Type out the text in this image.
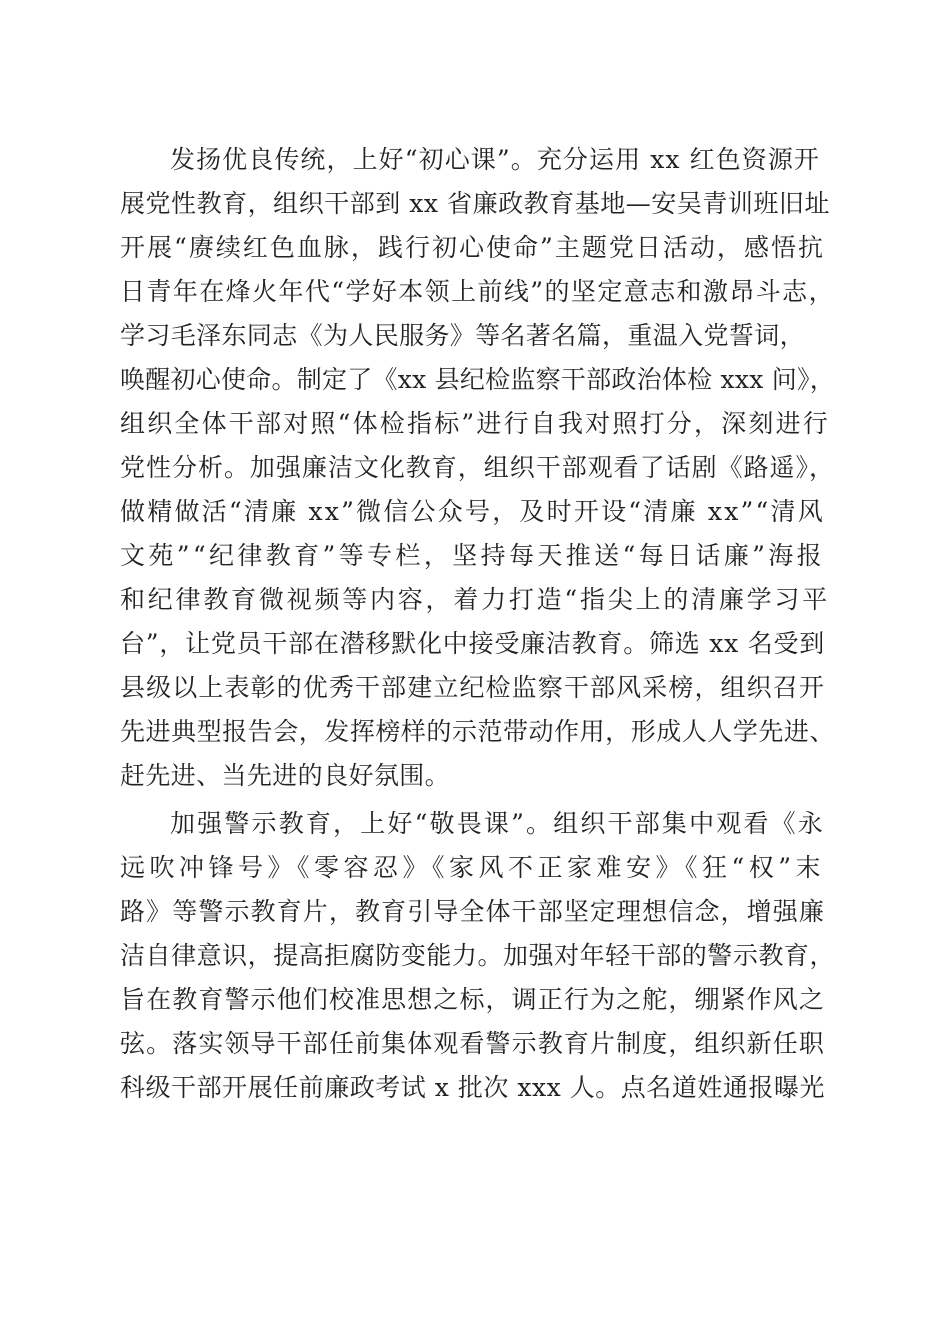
发扬优良传统，上好“初心课”。充分运用 xx 红色资源开
展党性教育，组织干部到 xx 省廉政教育基地—安吴青训班旧址
开展“赓续红色血脉，践行初心使命”主题党日活动，感悟抗
日青年在烽火年代“学好本领上前线”的坚定意志和激昂斗志，
学习毛泽东同志《为人民服务》等名著名篇，重温入党誓词，
唤醒初心使命。制定了《xx 县纪检监察干部政治体检 xxx 问》，
组织全体干部对照“体检指标”进行自我对照打分，深刻进行
党性分析。加强廉洁文化教育，组织干部观看了话剧《路遥》，
做精做活“清廉 xx”微信公众号，及时开设“清廉 xx”“清风
文苑”“纪律教育”等专栏，坚持每天推送“每日话廉”海报
和纪律教育微视频等内容，着力打造“指尖上的清廉学习平
台”，让党员干部在潜移默化中接受廉洁教育。筛选 xx 名受到
县级以上表彰的优秀干部建立纪检监察干部风采榜，组织召开
先进典型报告会，发挥榜样的示范带动作用，形成人人学先进、
赶先进、当先进的良好氛围。
加强警示教育，上好“敬畏课”。组织干部集中观看《永
远吹冲锋号》《零容忍》《家风不正家难安》《狂“权”末
路》等警示教育片，教育引导全体干部坚定理想信念，增强廉
洁自律意识，提高拒腐防变能力。加强对年轻干部的警示教育，
旨在教育警示他们校准思想之标，调正行为之舵，绷紧作风之
弦。落实领导干部任前集体观看警示教育片制度，组织新任职
科级干部开展任前廉政考试 x 批次 xxx 人。点名道姓通报曝光
